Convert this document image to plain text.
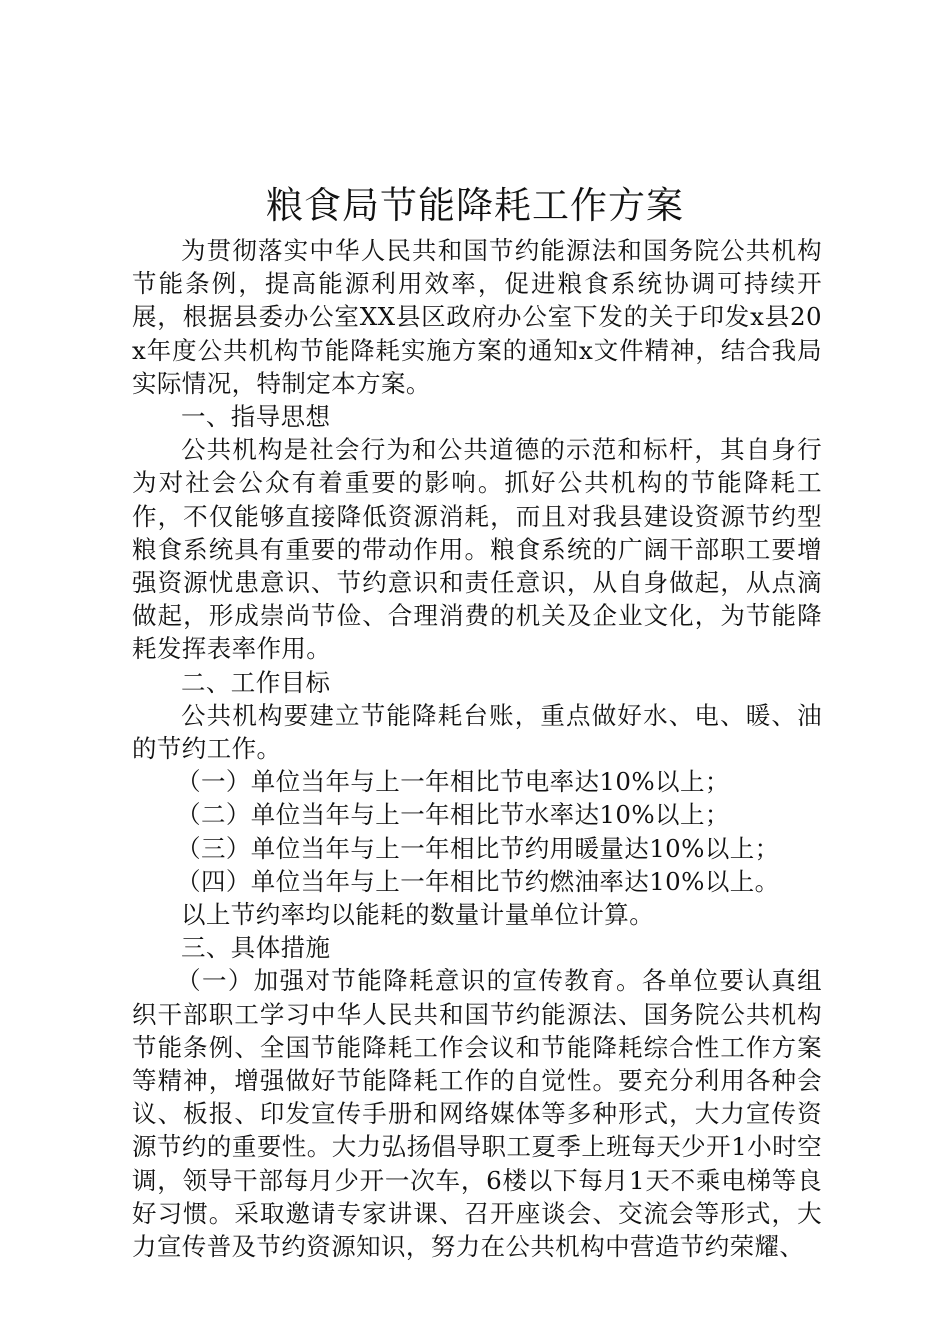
粮食局节能降耗工作方案

为贯彻落实中华人民共和国节约能源法和国务院公共机构节能条例，提高能源利用效率，促进粮食系统协调可持续开展，根据县委办公室XX县区政府办公室下发的关于印发x县20x年度公共机构节能降耗实施方案的通知x文件精神，结合我局实际情况，特制定本方案。

一、指导思想

公共机构是社会行为和公共道德的示范和标杆，其自身行为对社会公众有着重要的影响。抓好公共机构的节能降耗工作，不仅能够直接降低资源消耗，而且对我县建设资源节约型粮食系统具有重要的带动作用。粮食系统的广阔干部职工要增强资源忧患意识、节约意识和责任意识，从自身做起，从点滴做起，形成崇尚节俭、合理消费的机关及企业文化，为节能降耗发挥表率作用。

二、工作目标

公共机构要建立节能降耗台账，重点做好水、电、暖、油的节约工作。

（一）单位当年与上一年相比节电率达10%以上；

（二）单位当年与上一年相比节水率达10%以上；

（三）单位当年与上一年相比节约用暖量达10%以上；

（四）单位当年与上一年相比节约燃油率达10%以上。

以上节约率均以能耗的数量计量单位计算。

三、具体措施

（一）加强对节能降耗意识的宣传教育。各单位要认真组织干部职工学习中华人民共和国节约能源法、国务院公共机构节能条例、全国节能降耗工作会议和节能降耗综合性工作方案等精神，增强做好节能降耗工作的自觉性。要充分利用各种会议、板报、印发宣传手册和网络媒体等多种形式，大力宣传资源节约的重要性。大力弘扬倡导职工夏季上班每天少开1小时空调，领导干部每月少开一次车，6楼以下每月1天不乘电梯等良好习惯。采取邀请专家讲课、召开座谈会、交流会等形式，大力宣传普及节约资源知识，努力在公共机构中营造节约荣耀、
